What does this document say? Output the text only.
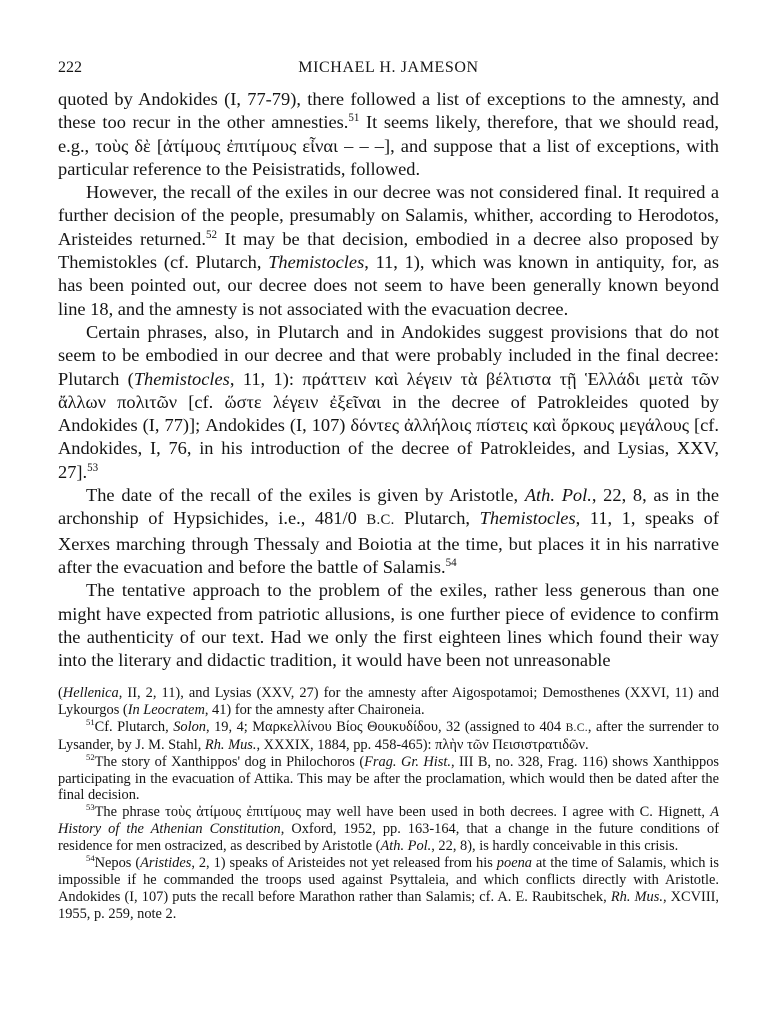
222	MICHAEL H. JAMESON

quoted by Andokides (I, 77-79), there followed a list of exceptions to the amnesty, and these too recur in the other amnesties.$^{51}$ It seems likely, therefore, that we should read, e.g., τοὺς δὲ [ἀτίμους ἐπιτίμους εἶναι – – –], and suppose that a list of exceptions, with particular reference to the Peisistratids, followed.

However, the recall of the exiles in our decree was not considered final. It required a further decision of the people, presumably on Salamis, whither, according to Herodotos, Aristeides returned.$^{52}$ It may be that decision, embodied in a decree also proposed by Themistokles (cf. Plutarch, Themistocles, 11, 1), which was known in antiquity, for, as has been pointed out, our decree does not seem to have been generally known beyond line 18, and the amnesty is not associated with the evacuation decree.

Certain phrases, also, in Plutarch and in Andokides suggest provisions that do not seem to be embodied in our decree and that were probably included in the final decree: Plutarch (Themistocles, 11, 1): πράττειν καὶ λέγειν τὰ βέλτιστα τῇ Ἑλλάδι μετὰ τῶν ἄλλων πολιτῶν [cf. ὥστε λέγειν ἐξεῖναι in the decree of Patrokleides quoted by Andokides (I, 77)]; Andokides (I, 107) δόντες ἀλλήλοις πίστεις καὶ ὅρκους μεγάλους [cf. Andokides, I, 76, in his introduction of the decree of Patrokleides, and Lysias, XXV, 27].$^{53}$

The date of the recall of the exiles is given by Aristotle, Ath. Pol., 22, 8, as in the archonship of Hypsichides, i.e., 481/0 B.C. Plutarch, Themistocles, 11, 1, speaks of Xerxes marching through Thessaly and Boiotia at the time, but places it in his narrative after the evacuation and before the battle of Salamis.$^{54}$

The tentative approach to the problem of the exiles, rather less generous than one might have expected from patriotic allusions, is one further piece of evidence to confirm the authenticity of our text. Had we only the first eighteen lines which found their way into the literary and didactic tradition, it would have been not unreasonable

(Hellenica, II, 2, 11), and Lysias (XXV, 27) for the amnesty after Aigospotamoi; Demosthenes (XXVI, 11) and Lykourgos (In Leocratem, 41) for the amnesty after Chaironeia.

$^{51}$Cf. Plutarch, Solon, 19, 4; Μαρκελλίνου Βίος Θουκυδίδου, 32 (assigned to 404 B.C., after the surrender to Lysander, by J. M. Stahl, Rh. Mus., XXXIX, 1884, pp. 458-465): πλὴν τῶν Πεισιστρατιδῶν.

$^{52}$The story of Xanthippos' dog in Philochoros (Frag. Gr. Hist., III B, no. 328, Frag. 116) shows Xanthippos participating in the evacuation of Attika. This may be after the proclamation, which would then be dated after the final decision.

$^{53}$The phrase τοὺς ἀτίμους ἐπιτίμους may well have been used in both decrees. I agree with C. Hignett, A History of the Athenian Constitution, Oxford, 1952, pp. 163-164, that a change in the future conditions of residence for men ostracized, as described by Aristotle (Ath. Pol., 22, 8), is hardly conceivable in this crisis.

$^{54}$Nepos (Aristides, 2, 1) speaks of Aristeides not yet released from his poena at the time of Salamis, which is impossible if he commanded the troops used against Psyttaleia, and which conflicts directly with Aristotle. Andokides (I, 107) puts the recall before Marathon rather than Salamis; cf. A. E. Raubitschek, Rh. Mus., XCVIII, 1955, p. 259, note 2.
